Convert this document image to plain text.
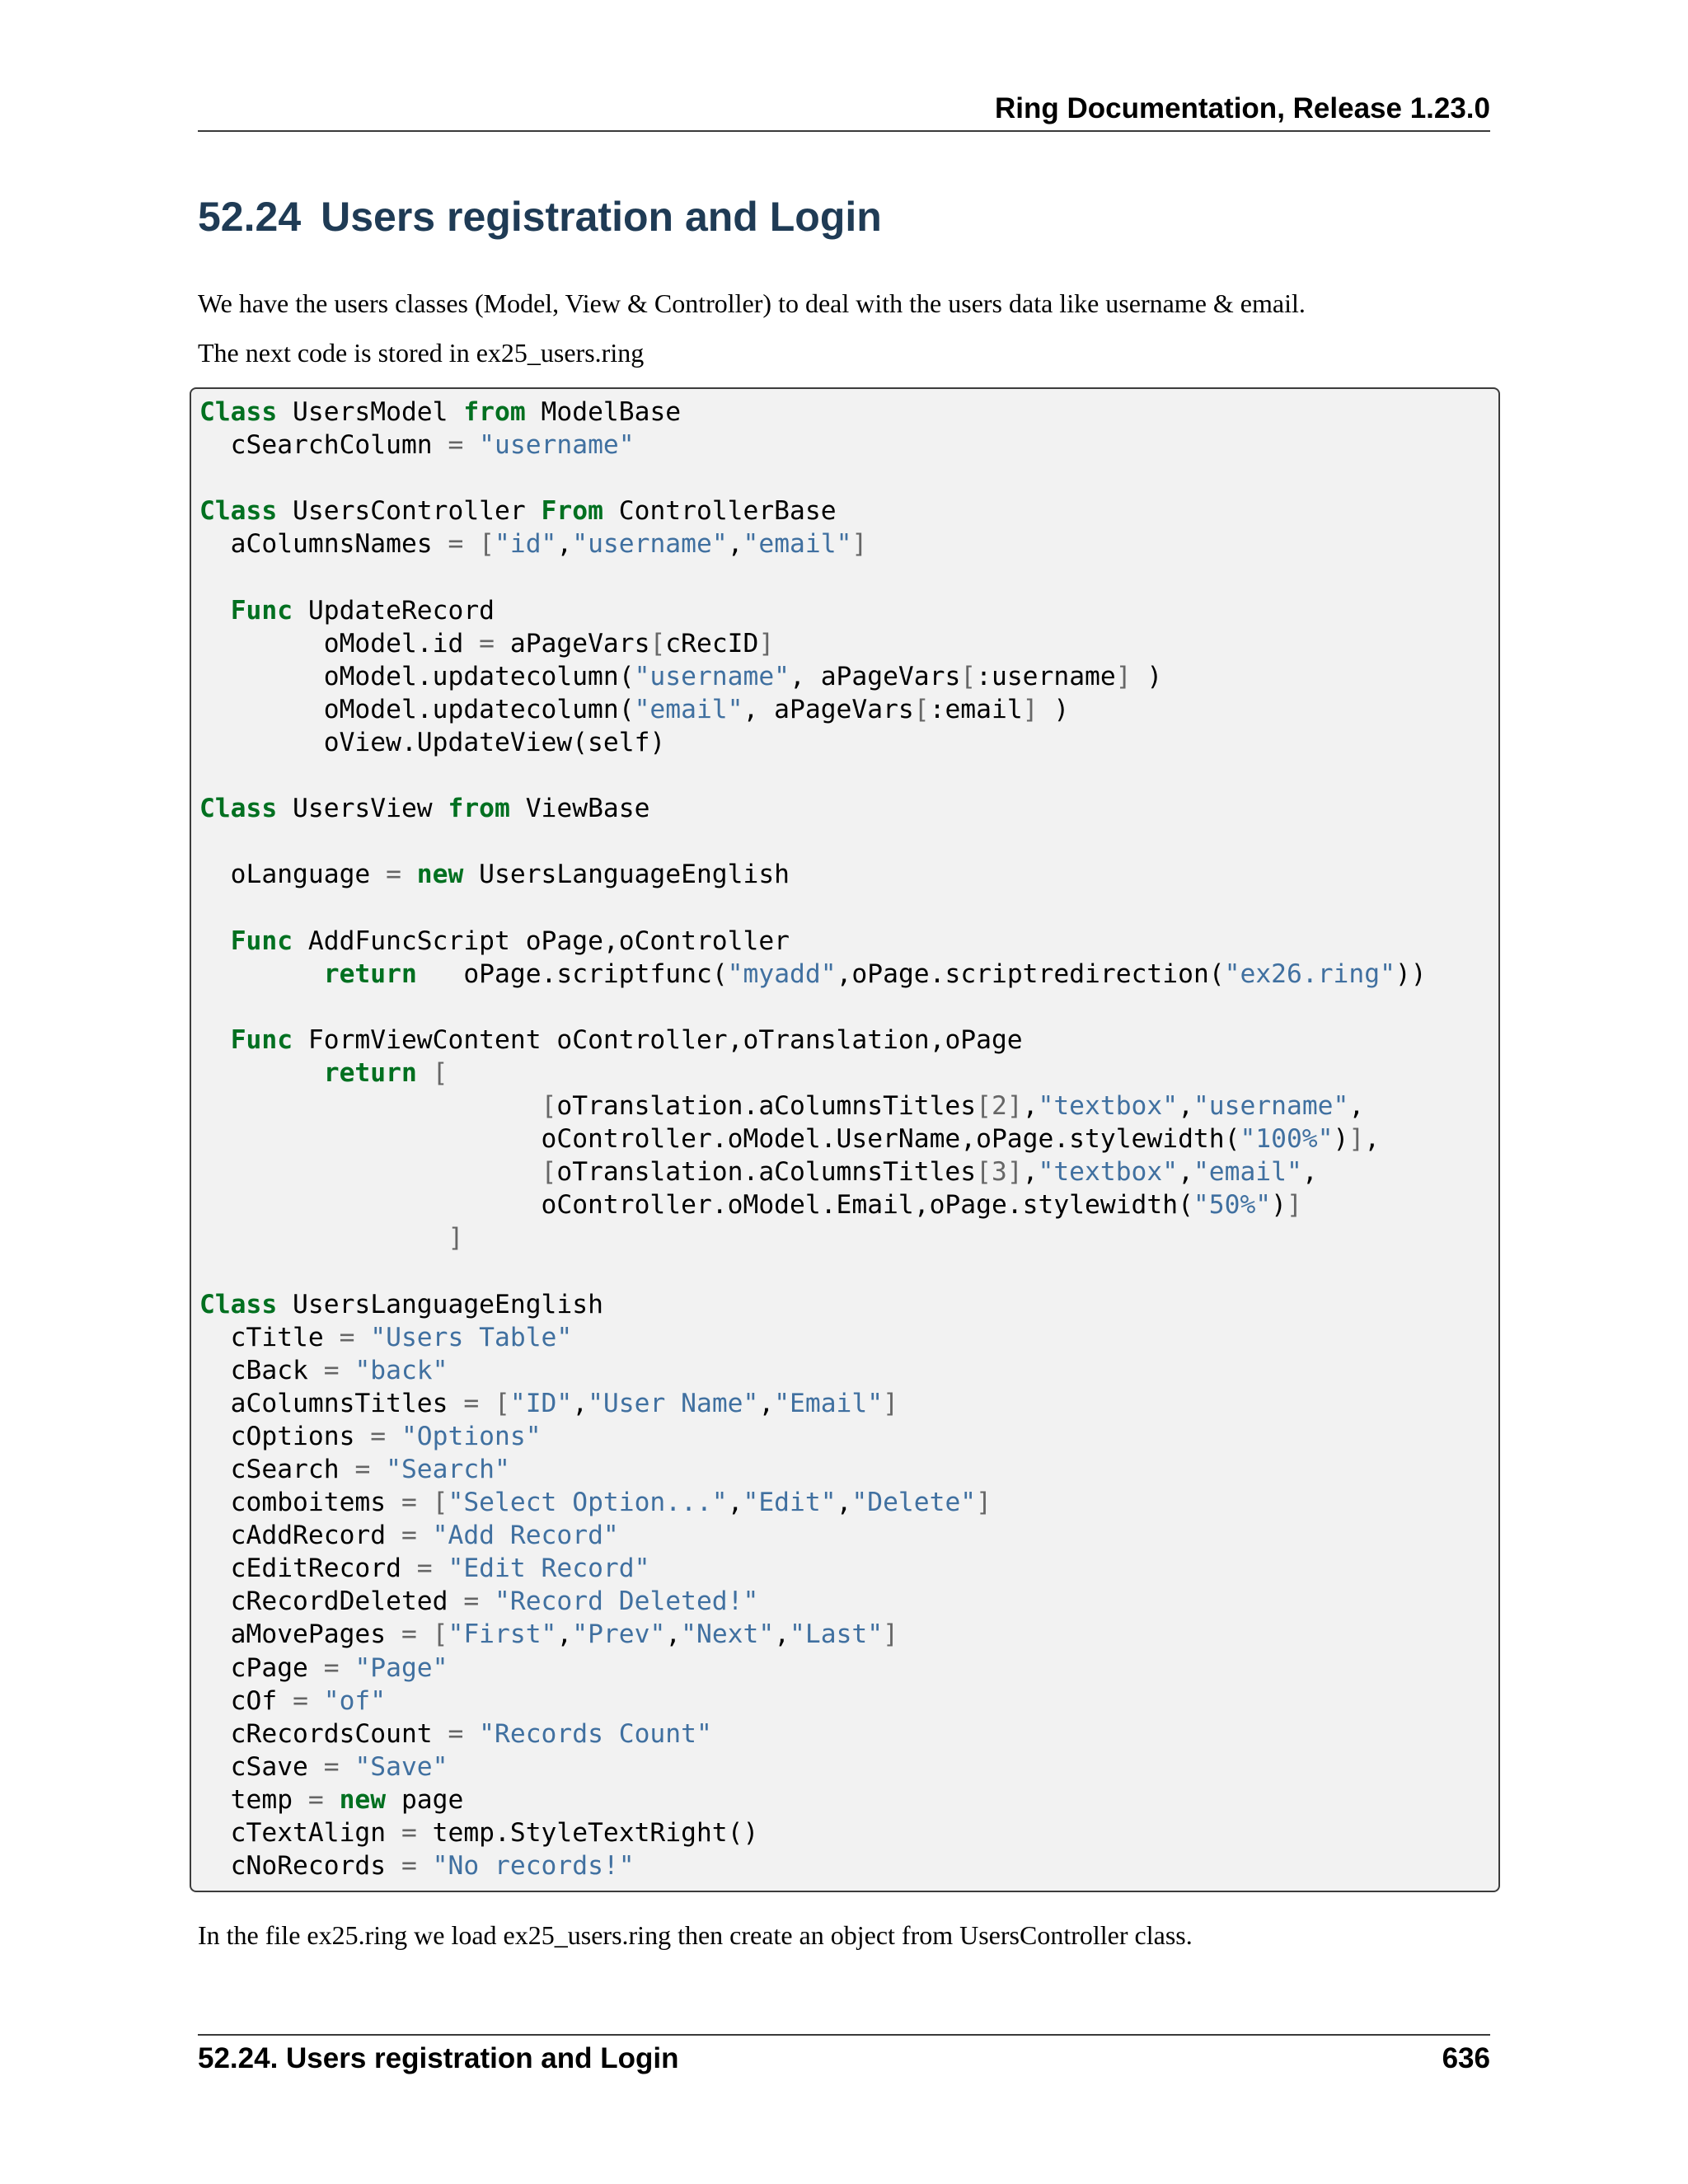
Ring Documentation, Release 1.23.0
52.24 Users registration and Login

We have the users classes (Model, View & Controller) to deal with the users data like username & email.

The next code is stored in ex25_users.ring

Class UsersModel from ModelBase
cSearchColumn = "username"

Class UsersController From ControllerBase
aColumnsNames = ["id","username","email"]

Func UpdateRecord
oModel.id = aPageVars[cRecID]
oModel.updatecolumn("username", aPageVars[:username] )
oModel.updatecolumn("email", aPageVars[:email] )
oView.UpdateView(self)

Class UsersView from ViewBase

oLanguage = new UsersLanguageEnglish

Func AddFuncScript oPage,oController
return   oPage.scriptfunc("myadd",oPage.scriptredirection("ex26.ring"))

Func FormViewContent oController,oTranslation,oPage
return [
[oTranslation.aColumnsTitles[2],"textbox","username",
oController.oModel.UserName,oPage.stylewidth("100%")],
[oTranslation.aColumnsTitles[3],"textbox","email",
oController.oModel.Email,oPage.stylewidth("50%")]
]

Class UsersLanguageEnglish
cTitle = "Users Table"
cBack = "back"
aColumnsTitles = ["ID","User Name","Email"]
cOptions = "Options"
cSearch = "Search"
comboitems = ["Select Option...","Edit","Delete"]
cAddRecord = "Add Record"
cEditRecord = "Edit Record"
cRecordDeleted = "Record Deleted!"
aMovePages = ["First","Prev","Next","Last"]
cPage = "Page"
cOf = "of"
cRecordsCount = "Records Count"
cSave = "Save"
temp = new page
cTextAlign = temp.StyleTextRight()
cNoRecords = "No records!"

In the file ex25.ring we load ex25_users.ring then create an object from UsersController class.

52.24. Users registration and Login	636
